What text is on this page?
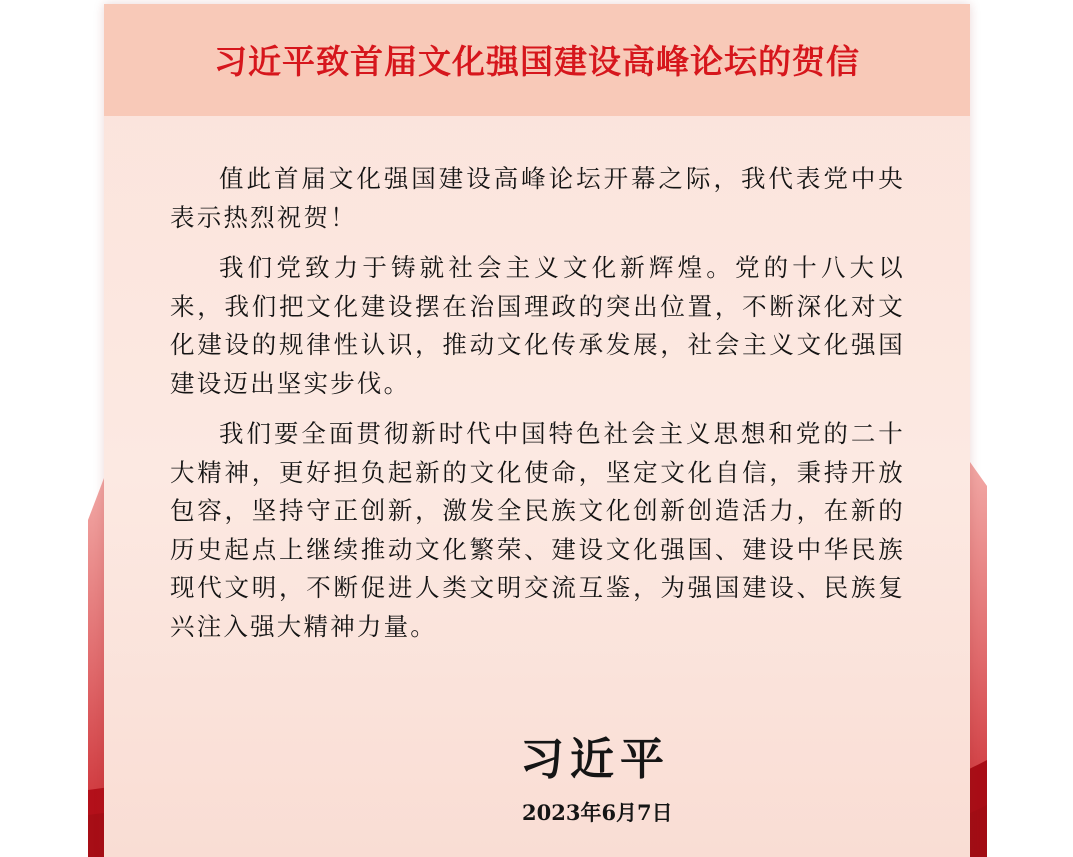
习近平致首届文化强国建设高峰论坛的贺信

值此首届文化强国建设高峰论坛开幕之际，我代表党中央表示热烈祝贺！

我们党致力于铸就社会主义文化新辉煌。党的十八大以来，我们把文化建设摆在治国理政的突出位置，不断深化对文化建设的规律性认识，推动文化传承发展，社会主义文化强国建设迈出坚实步伐。

我们要全面贯彻新时代中国特色社会主义思想和党的二十大精神，更好担负起新的文化使命，坚定文化自信，秉持开放包容，坚持守正创新，激发全民族文化创新创造活力，在新的历史起点上继续推动文化繁荣、建设文化强国、建设中华民族现代文明，不断促进人类文明交流互鉴，为强国建设、民族复兴注入强大精神力量。

习近平
2023年6月7日
